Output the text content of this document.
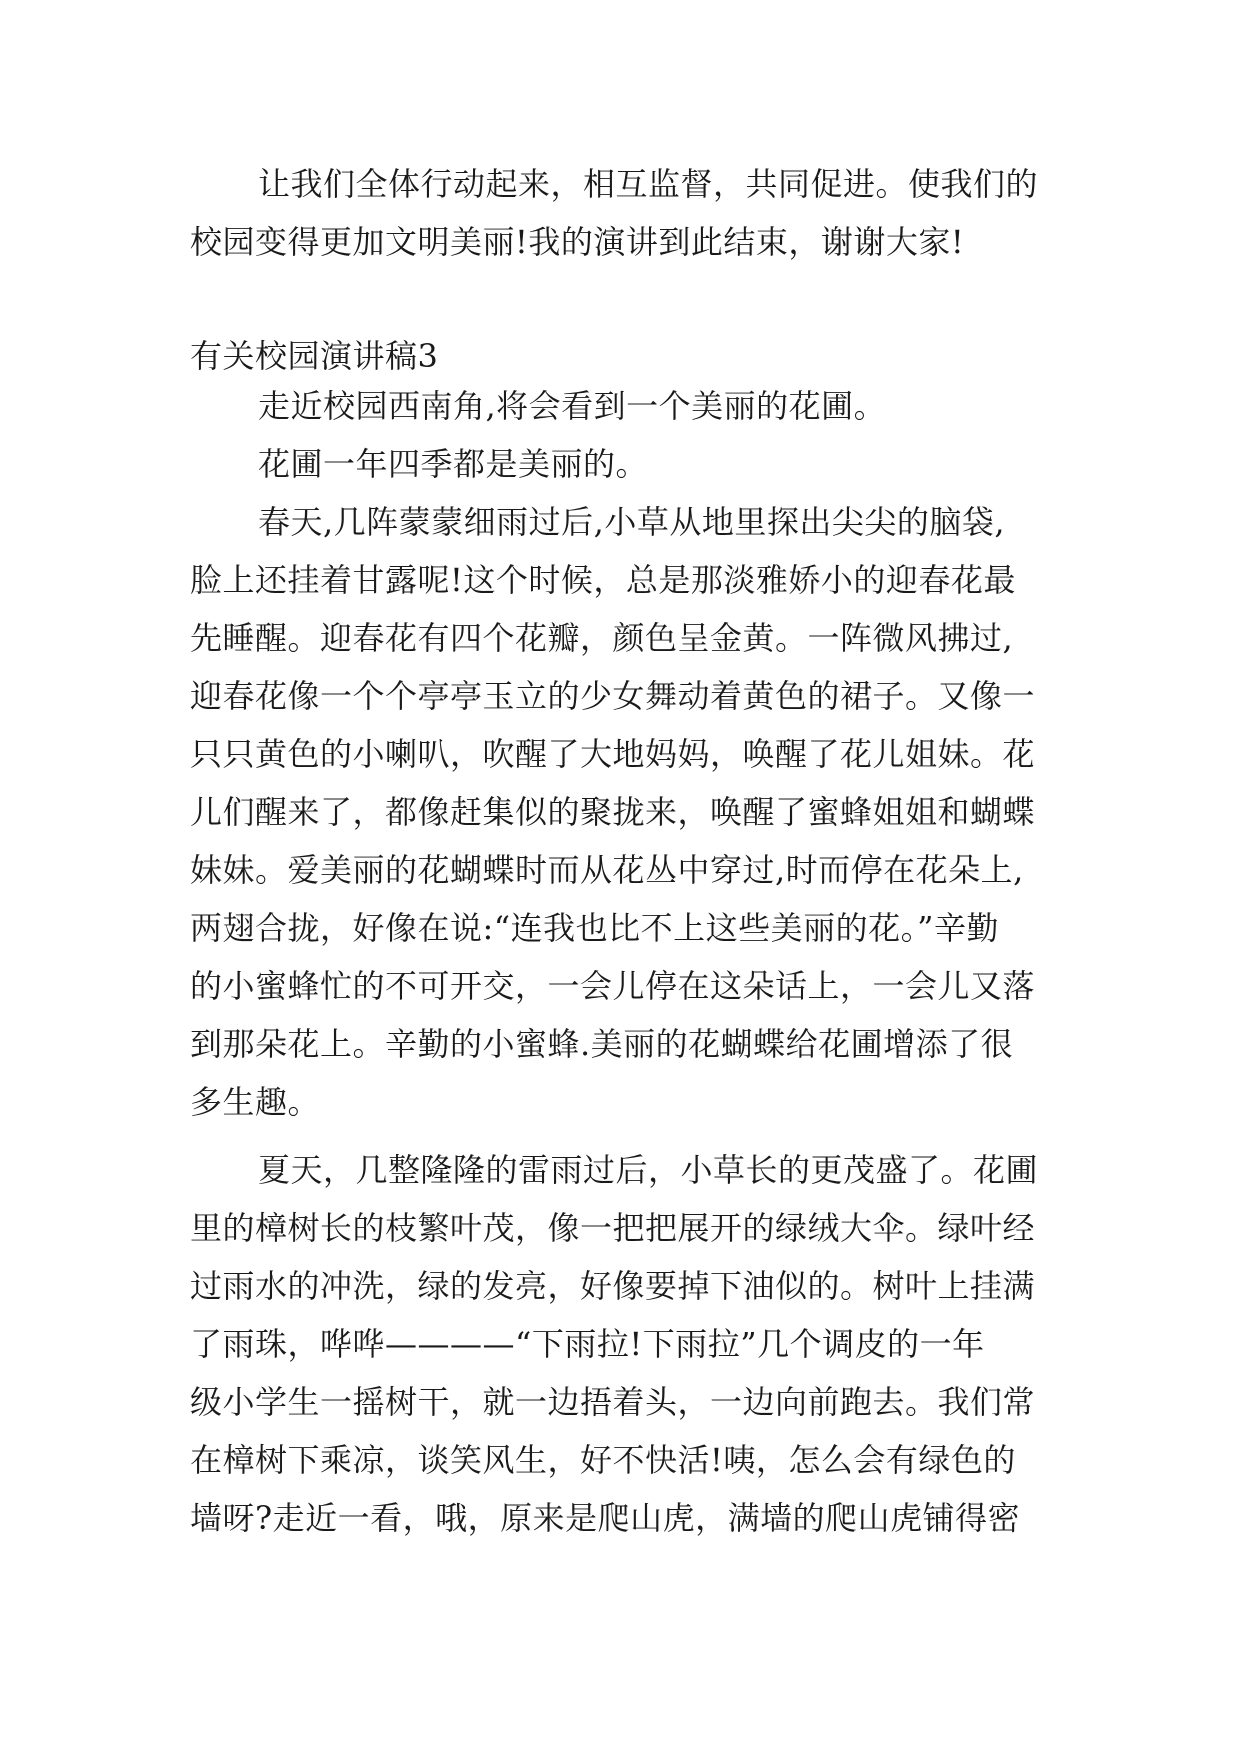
让我们全体行动起来，相互监督，共同促进。使我们的
校园变得更加文明美丽!我的演讲到此结束，谢谢大家!
有关校园演讲稿3
走近校园西南角,将会看到一个美丽的花圃。
花圃一年四季都是美丽的。
春天,几阵蒙蒙细雨过后,小草从地里探出尖尖的脑袋,
脸上还挂着甘露呢!这个时候，总是那淡雅娇小的迎春花最
先睡醒。迎春花有四个花瓣，颜色呈金黄。一阵微风拂过,
迎春花像一个个亭亭玉立的少女舞动着黄色的裙子。又像一
只只黄色的小喇叭，吹醒了大地妈妈，唤醒了花儿姐妹。花
儿们醒来了，都像赶集似的聚拢来，唤醒了蜜蜂姐姐和蝴蝶
妹妹。爱美丽的花蝴蝶时而从花丛中穿过,时而停在花朵上,
两翅合拢，好像在说:“连我也比不上这些美丽的花。”辛勤
的小蜜蜂忙的不可开交，一会儿停在这朵话上，一会儿又落
到那朵花上。辛勤的小蜜蜂.美丽的花蝴蝶给花圃增添了很
多生趣。
夏天，几整隆隆的雷雨过后，小草长的更茂盛了。花圃
里的樟树长的枝繁叶茂，像一把把展开的绿绒大伞。绿叶经
过雨水的冲洗，绿的发亮，好像要掉下油似的。树叶上挂满
了雨珠，哗哗————“下雨拉!下雨拉”几个调皮的一年
级小学生一摇树干，就一边捂着头，一边向前跑去。我们常
在樟树下乘凉，谈笑风生，好不快活!咦，怎么会有绿色的
墙呀?走近一看，哦，原来是爬山虎，满墙的爬山虎铺得密
